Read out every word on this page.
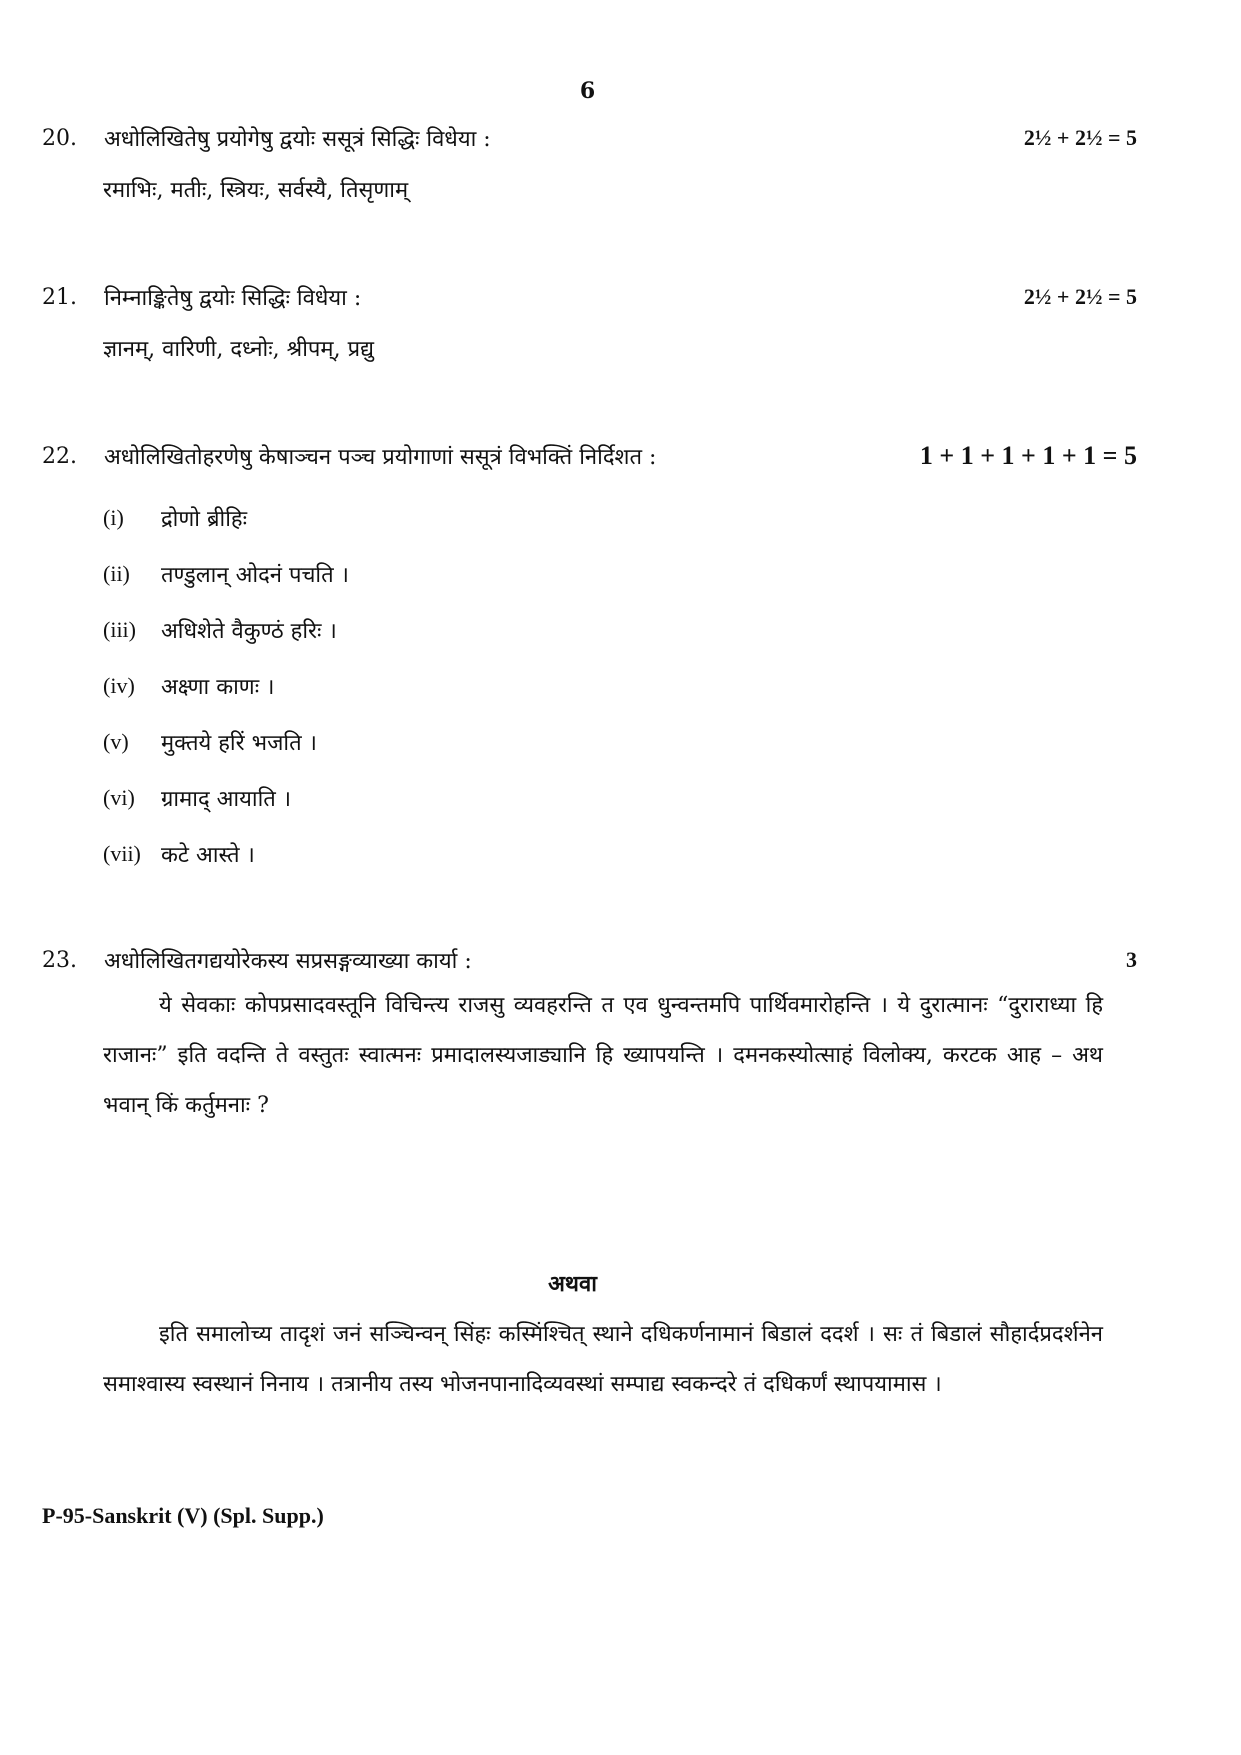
6
20.	अधोलिखितेषु प्रयोगेषु द्वयोः ससूत्रं सिद्धिः विधेया :	2½ + 2½ = 5
रमाभिः, मतीः, स्त्रियः, सर्वस्यै, तिसृणाम्
21.	निम्नाङ्कितेषु द्वयोः सिद्धिः विधेया :	2½ + 2½ = 5
ज्ञानम्, वारिणी, दध्नोः, श्रीपम्, प्रद्यु
22.	अधोलिखितोहरणेषु केषाञ्चन पञ्च प्रयोगाणां ससूत्रं विभक्तिं निर्दिशत :	1 + 1 + 1 + 1 + 1 = 5
(i)	द्रोणो ब्रीहिः
(ii)	तण्डुलान् ओदनं पचति ।
(iii)	अधिशेते वैकुण्ठं हरिः ।
(iv)	अक्ष्णा काणः ।
(v)	मुक्तये हरिं भजति ।
(vi)	ग्रामाद् आयाति ।
(vii) कटे आस्ते ।
23.	अधोलिखितगद्ययोरेकस्य सप्रसङ्गव्याख्या कार्या :	3

ये सेवकाः कोपप्रसादवस्तूनि विचिन्त्य राजसु व्यवहरन्ति त एव धुन्वन्तमपि पार्थिवमारोहन्ति । ये दुरात्मानः “दुराराध्या हि राजानः” इति वदन्ति ते वस्तुतः स्वात्मनः प्रमादालस्यजाड्यानि हि ख्यापयन्ति । दमनकस्योत्साहं विलोक्य, करटक आह – अथ भवान् किं कर्तुमनाः ?

अथवा

इति समालोच्य तादृशं जनं सञ्चिन्वन् सिंहः कस्मिंश्चित् स्थाने दधिकर्णनामानं बिडालं ददर्श । सः तं बिडालं सौहार्दप्रदर्शनेन समाश्वास्य स्वस्थानं निनाय । तत्रानीय तस्य भोजनपानादिव्यवस्थां सम्पाद्य स्वकन्दरे तं दधिकर्णं स्थापयामास ।

P-95-Sanskrit (V) (Spl. Supp.)
